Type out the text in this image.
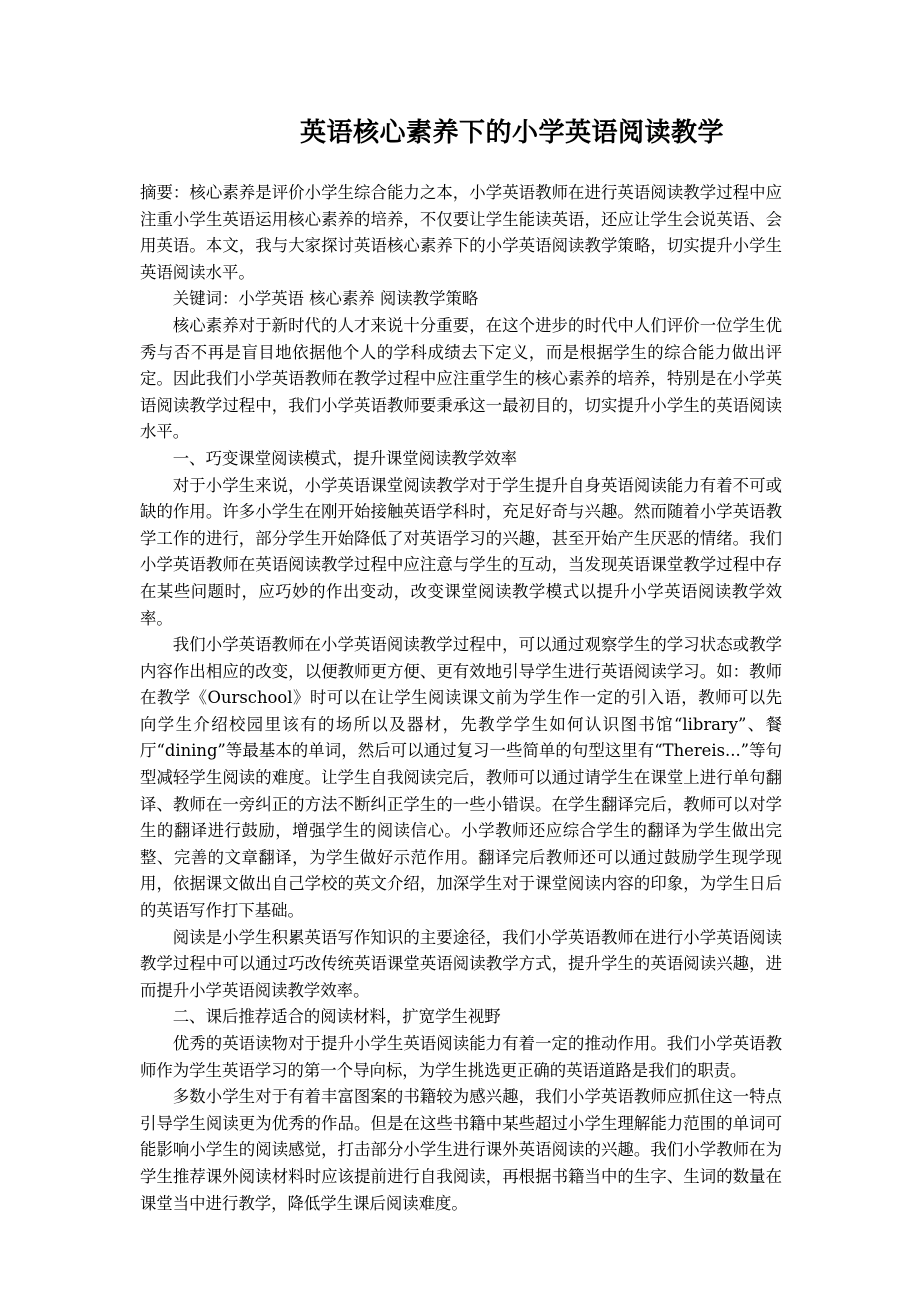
英语核心素养下的小学英语阅读教学

摘要：核心素养是评价小学生综合能力之本，小学英语教师在进行英语阅读教学过程中应注重小学生英语运用核心素养的培养，不仅要让学生能读英语，还应让学生会说英语、会用英语。本文，我与大家探讨英语核心素养下的小学英语阅读教学策略，切实提升小学生英语阅读水平。

关键词：小学英语 核心素养 阅读教学策略

核心素养对于新时代的人才来说十分重要，在这个进步的时代中人们评价一位学生优秀与否不再是盲目地依据他个人的学科成绩去下定义，而是根据学生的综合能力做出评定。因此我们小学英语教师在教学过程中应注重学生的核心素养的培养，特别是在小学英语阅读教学过程中，我们小学英语教师要秉承这一最初目的，切实提升小学生的英语阅读水平。

一、巧变课堂阅读模式，提升课堂阅读教学效率

对于小学生来说，小学英语课堂阅读教学对于学生提升自身英语阅读能力有着不可或缺的作用。许多小学生在刚开始接触英语学科时，充足好奇与兴趣。然而随着小学英语教学工作的进行，部分学生开始降低了对英语学习的兴趣，甚至开始产生厌恶的情绪。我们小学英语教师在英语阅读教学过程中应注意与学生的互动，当发现英语课堂教学过程中存在某些问题时，应巧妙的作出变动，改变课堂阅读教学模式以提升小学英语阅读教学效率。

我们小学英语教师在小学英语阅读教学过程中，可以通过观察学生的学习状态或教学内容作出相应的改变，以便教师更方便、更有效地引导学生进行英语阅读学习。如：教师在教学《Ourschool》时可以在让学生阅读课文前为学生作一定的引入语，教师可以先向学生介绍校园里该有的场所以及器材，先教学学生如何认识图书馆“library”、餐厅“dining”等最基本的单词，然后可以通过复习一些简单的句型这里有“Thereis...”等句型减轻学生阅读的难度。让学生自我阅读完后，教师可以通过请学生在课堂上进行单句翻译、教师在一旁纠正的方法不断纠正学生的一些小错误。在学生翻译完后，教师可以对学生的翻译进行鼓励，增强学生的阅读信心。小学教师还应综合学生的翻译为学生做出完整、完善的文章翻译，为学生做好示范作用。翻译完后教师还可以通过鼓励学生现学现用，依据课文做出自己学校的英文介绍，加深学生对于课堂阅读内容的印象，为学生日后的英语写作打下基础。

阅读是小学生积累英语写作知识的主要途径，我们小学英语教师在进行小学英语阅读教学过程中可以通过巧改传统英语课堂英语阅读教学方式，提升学生的英语阅读兴趣，进而提升小学英语阅读教学效率。

二、课后推荐适合的阅读材料，扩宽学生视野

优秀的英语读物对于提升小学生英语阅读能力有着一定的推动作用。我们小学英语教师作为学生英语学习的第一个导向标，为学生挑选更正确的英语道路是我们的职责。

多数小学生对于有着丰富图案的书籍较为感兴趣，我们小学英语教师应抓住这一特点引导学生阅读更为优秀的作品。但是在这些书籍中某些超过小学生理解能力范围的单词可能影响小学生的阅读感觉，打击部分小学生进行课外英语阅读的兴趣。我们小学教师在为学生推荐课外阅读材料时应该提前进行自我阅读，再根据书籍当中的生字、生词的数量在课堂当中进行教学，降低学生课后阅读难度。
